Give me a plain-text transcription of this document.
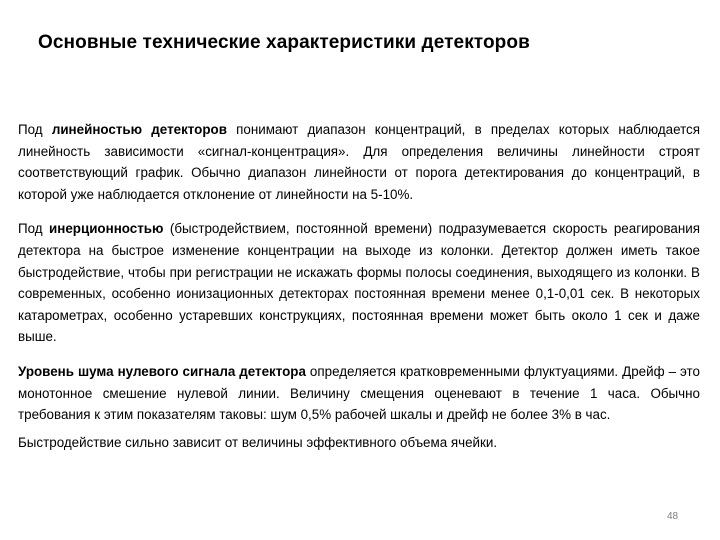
Основные технические характеристики детекторов

Под линейностью детекторов понимают диапазон концентраций, в пределах которых наблюдается линейность зависимости «сигнал-концентрация». Для определения величины линейности строят соответствующий график. Обычно диапазон линейности от порога детектирования до концентраций, в которой уже наблюдается отклонение от линейности на 5-10%.

Под инерционностью (быстродействием, постоянной времени) подразумевается скорость реагирования детектора на быстрое изменение концентрации на выходе из колонки. Детектор должен иметь такое быстродействие, чтобы при регистрации не искажать формы полосы соединения, выходящего из колонки. В современных, особенно ионизационных детекторах постоянная времени менее 0,1-0,01 сек. В некоторых катарометрах, особенно устаревших конструкциях, постоянная времени может быть около 1 сек и даже выше.

Уровень шума нулевого сигнала детектора определяется кратковременными флуктуациями. Дрейф – это монотонное смешение нулевой линии. Величину смещения оценевают в течение 1 часа. Обычно требования к этим показателям таковы: шум 0,5% рабочей шкалы и дрейф не более 3% в час.

Быстродействие сильно зависит от величины эффективного объема ячейки.

48
